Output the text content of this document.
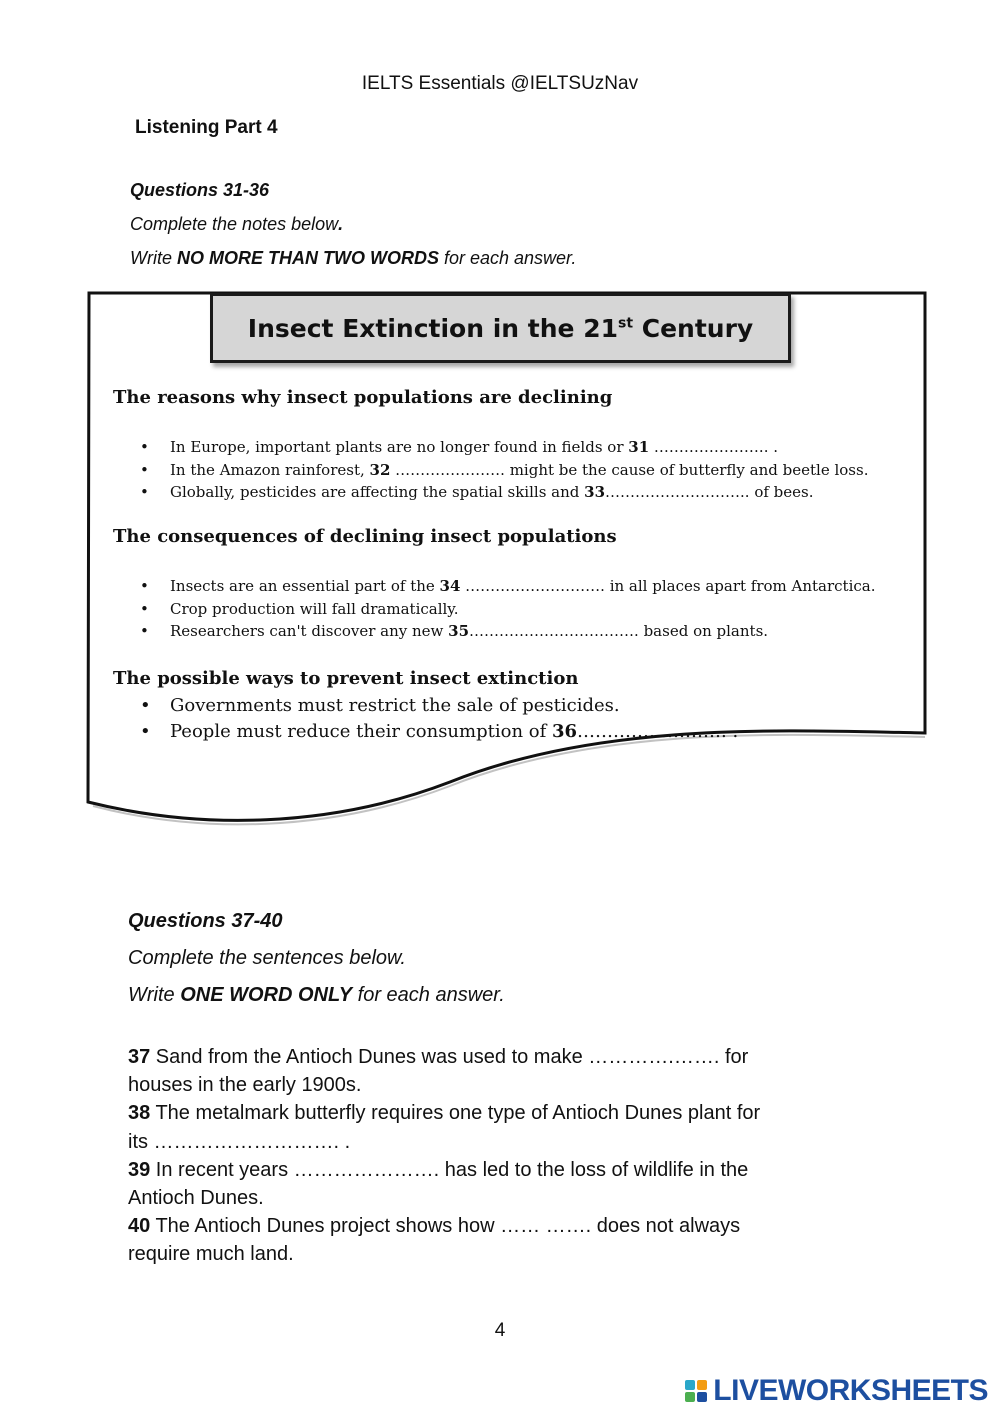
IELTS Essentials @IELTSUzNav
Listening Part 4
Questions 31-36
Complete the notes below.
Write NO MORE THAN TWO WORDS for each answer.
Insect Extinction in the 21st Century
The reasons why insect populations are declining
• In Europe, important plants are no longer found in fields or 31 ………………….. .
• In the Amazon rainforest, 32 …………………. might be the cause of butterfly and beetle loss.
• Globally, pesticides are affecting the spatial skills and 33……………………….. of bees.
The consequences of declining insect populations
• Insects are an essential part of the 34 ………………………. in all places apart from Antarctica.
• Crop production will fall dramatically.
• Researchers can't discover any new 35……………………………. based on plants.
The possible ways to prevent insect extinction
• Governments must restrict the sale of pesticides.
• People must reduce their consumption of 36……………………. .
Questions 37-40
Complete the sentences below.
Write ONE WORD ONLY for each answer.

37 Sand from the Antioch Dunes was used to make ………….……. for
houses in the early 1900s.

38 The metalmark butterfly requires one type of Antioch Dunes plant for
its ………………………. .

39 In recent years …………………. has led to the loss of wildlife in the
Antioch Dunes.

40 The Antioch Dunes project shows how …… ……. does not always
require much land.

4
LIVEWORKSHEETS
